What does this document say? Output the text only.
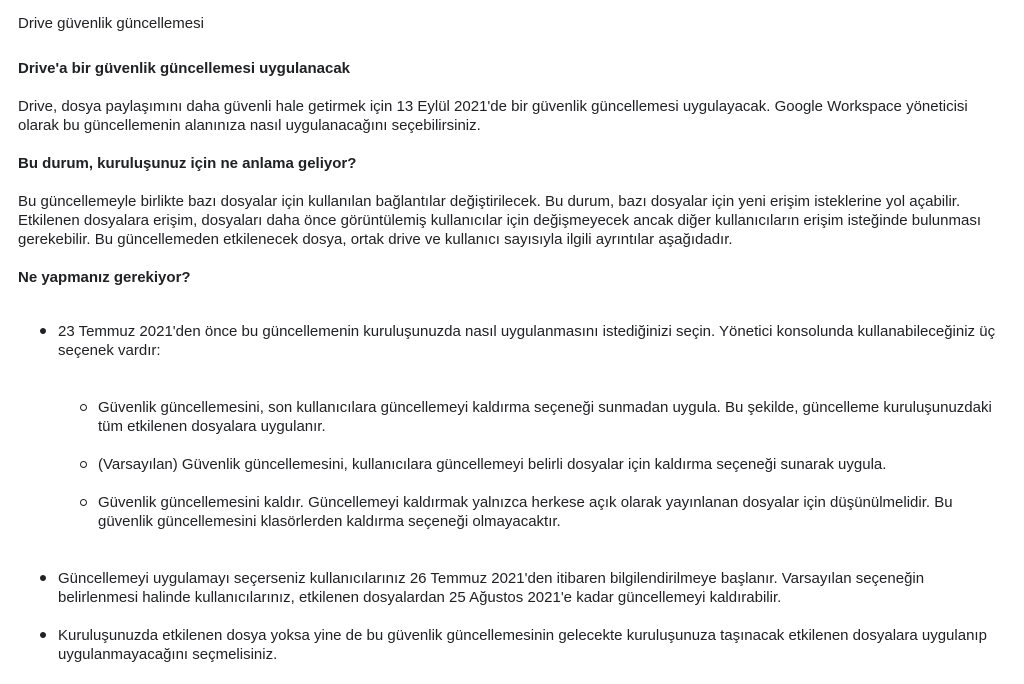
Drive güvenlik güncellemesi
Drive'a bir güvenlik güncellemesi uygulanacak

Drive, dosya paylaşımını daha güvenli hale getirmek için 13 Eylül 2021'de bir güvenlik güncellemesi uygulayacak. Google Workspace yöneticisi olarak bu güncellemenin alanınıza nasıl uygulanacağını seçebilirsiniz.

Bu durum, kuruluşunuz için ne anlama geliyor?

Bu güncellemeyle birlikte bazı dosyalar için kullanılan bağlantılar değiştirilecek. Bu durum, bazı dosyalar için yeni erişim isteklerine yol açabilir. Etkilenen dosyalara erişim, dosyaları daha önce görüntülemiş kullanıcılar için değişmeyecek ancak diğer kullanıcıların erişim isteğinde bulunması gerekebilir. Bu güncellemeden etkilenecek dosya, ortak drive ve kullanıcı sayısıyla ilgili ayrıntılar aşağıdadır.

Ne yapmanız gerekiyor?

23 Temmuz 2021'den önce bu güncellemenin kuruluşunuzda nasıl uygulanmasını istediğinizi seçin. Yönetici konsolunda kullanabileceğiniz üç seçenek vardır:

Güvenlik güncellemesini, son kullanıcılara güncellemeyi kaldırma seçeneği sunmadan uygula. Bu şekilde, güncelleme kuruluşunuzdaki tüm etkilenen dosyalara uygulanır.

(Varsayılan) Güvenlik güncellemesini, kullanıcılara güncellemeyi belirli dosyalar için kaldırma seçeneği sunarak uygula.

Güvenlik güncellemesini kaldır. Güncellemeyi kaldırmak yalnızca herkese açık olarak yayınlanan dosyalar için düşünülmelidir. Bu güvenlik güncellemesini klasörlerden kaldırma seçeneği olmayacaktır.

Güncellemeyi uygulamayı seçerseniz kullanıcılarınız 26 Temmuz 2021'den itibaren bilgilendirilmeye başlanır. Varsayılan seçeneğin belirlenmesi halinde kullanıcılarınız, etkilenen dosyalardan 25 Ağustos 2021'e kadar güncellemeyi kaldırabilir.

Kuruluşunuzda etkilenen dosya yoksa yine de bu güvenlik güncellemesinin gelecekte kuruluşunuza taşınacak etkilenen dosyalara uygulanıp uygulanmayacağını seçmelisiniz.
